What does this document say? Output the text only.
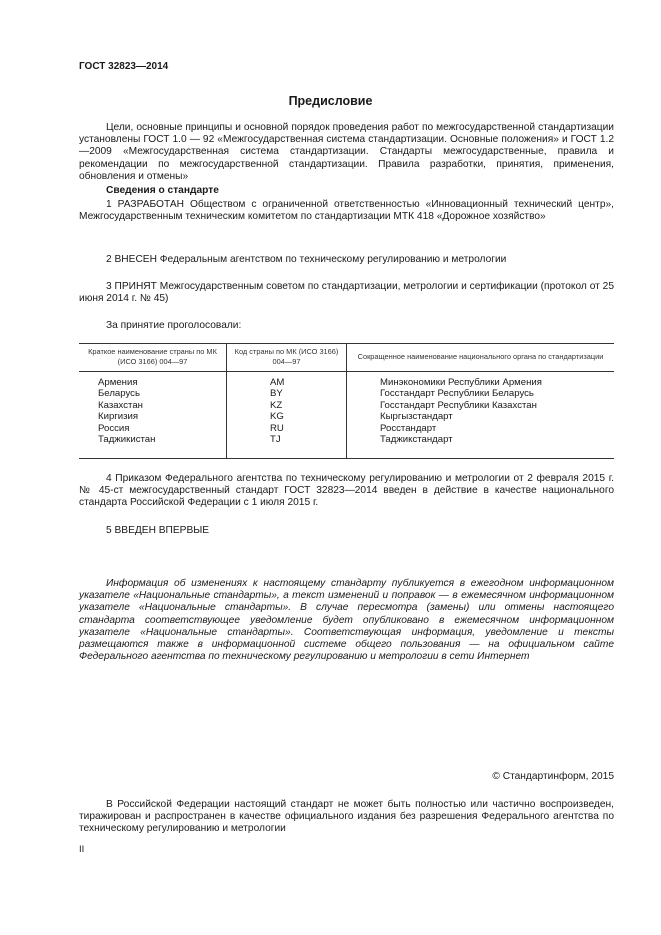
ГОСТ 32823—2014
Предисловие
Цели, основные принципы и основной порядок проведения работ по межгосударственной стандартизации установлены ГОСТ 1.0 — 92 «Межгосударственная система стандартизации. Основные положения» и ГОСТ 1.2—2009 «Межгосударственная система стандартизации. Стандарты межгосударственные, правила и рекомендации по межгосударственной стандартизации. Правила разработки, принятия, применения, обновления и отмены»
Сведения о стандарте
1 РАЗРАБОТАН Обществом с ограниченной ответственностью «Инновационный технический центр», Межгосударственным техническим комитетом по стандартизации МТК 418 «Дорожное хозяйство»
2 ВНЕСЕН Федеральным агентством по техническому регулированию и метрологии
3 ПРИНЯТ Межгосударственным советом по стандартизации, метрологии и сертификации (протокол от 25 июня 2014 г. № 45)
За принятие проголосовали:
Краткое наименование страны по МК (ИСО 3166) 004—97	Код страны по МК (ИСО 3166) 004—97	Сокращенное наименование национального органа по стандартизации
Армения	AM	Минэкономики Республики Армения
Беларусь	BY	Госстандарт Республики Беларусь
Казахстан	KZ	Госстандарт Республики Казахстан
Киргизия	KG	Кыргызстандарт
Россия	RU	Росстандарт
Таджикистан	TJ	Таджикстандарт
4 Приказом Федерального агентства по техническому регулированию и метрологии от 2 февраля 2015 г. № 45-ст межгосударственный стандарт ГОСТ 32823—2014 введен в действие в качестве национального стандарта Российской Федерации с 1 июля 2015 г.
5 ВВЕДЕН ВПЕРВЫЕ
Информация об изменениях к настоящему стандарту публикуется в ежегодном информационном указателе «Национальные стандарты», а текст изменений и поправок — в ежемесячном информационном указателе «Национальные стандарты». В случае пересмотра (замены) или отмены настоящего стандарта соответствующее уведомление будет опубликовано в ежемесячном информационном указателе «Национальные стандарты». Соответствующая информация, уведомление и тексты размещаются также в информационной системе общего пользования — на официальном сайте Федерального агентства по техническому регулированию и метрологии в сети Интернет
© Стандартинформ, 2015
В Российской Федерации настоящий стандарт не может быть полностью или частично воспроизведен, тиражирован и распространен в качестве официального издания без разрешения Федерального агентства по техническому регулированию и метрологии
II
